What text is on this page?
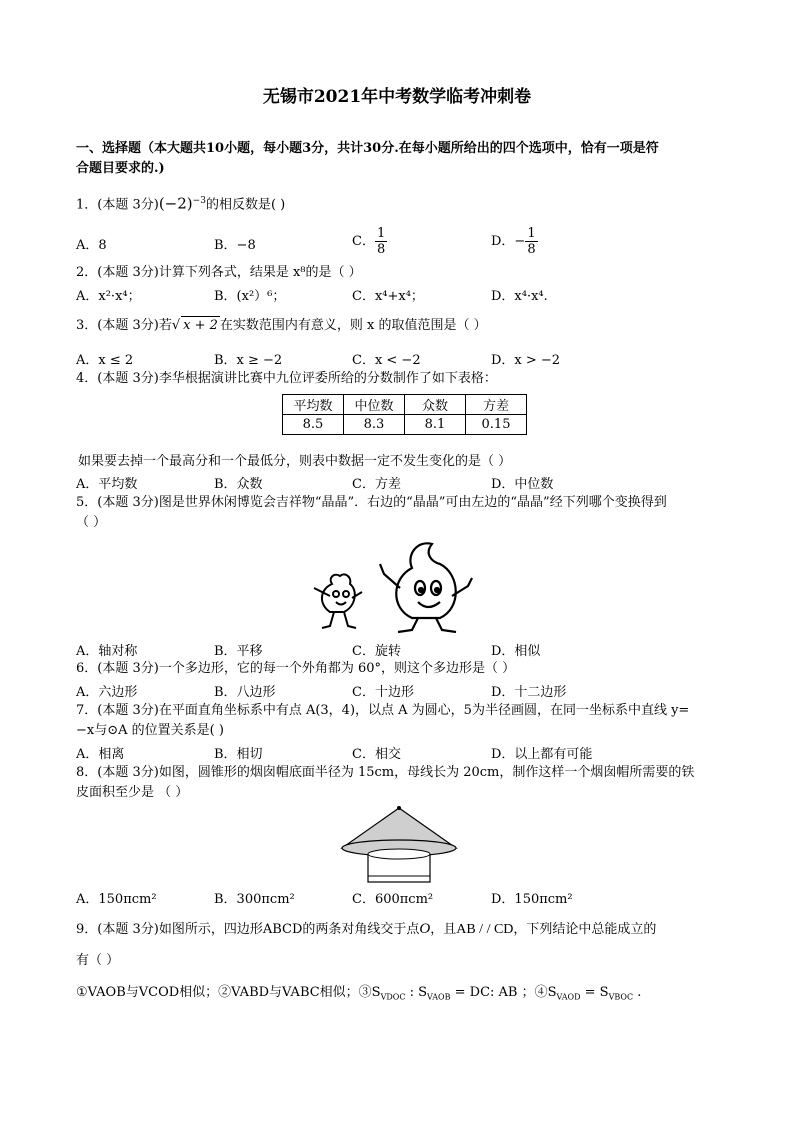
无锡市2021年中考数学临考冲刺卷
一、选择题（本大题共10小题，每小题3分，共计30分.在每小题所给出的四个选项中，恰有一项是符
合题目要求的.)
1．(本题 3分)$(-2)^{-3}$的相反数是( )
A．8	B．−8	C． $\frac{1}{8}$	D．− $\frac{1}{8}$
2．(本题 3分)计算下列各式，结果是 x⁸的是（ ）
A．x²·x⁴；	B．(x²）⁶；	C．x⁴+x⁴；	D．x⁴·x⁴.
3．(本题 3分)若√ x + 2 在实数范围内有意义，则 x 的取值范围是（ ）
A．x ≤ 2	B．x ≥ −2	C．x < −2	D．x > −2
4．(本题 3分)李华根据演讲比赛中九位评委所给的分数制作了如下表格：
平均数	中位数	众数	方差
8.5	8.3	8.1	0.15
如果要去掉一个最高分和一个最低分，则表中数据一定不发生变化的是（ ）
A．平均数	B．众数	C．方差	D．中位数
5．(本题 3分)图是世界休闲博览会吉祥物“晶晶”．右边的“晶晶”可由左边的“晶晶”经下列哪个变换得到
（ ）
A．轴对称	B．平移	C．旋转	D．相似
6．(本题 3分)一个多边形，它的每一个外角都为 60°，则这个多边形是（ ）
A．六边形	B．八边形	C．十边形	D．十二边形
7．(本题 3分)在平面直角坐标系中有点 A(3，4)，以点 A 为圆心，5为半径画圆，在同一坐标系中直线 y=
−x与⊙A 的位置关系是( )
A．相离	B．相切	C．相交	D．以上都有可能
8．(本题 3分)如图，圆锥形的烟囱帽底面半径为 15cm，母线长为 20cm，制作这样一个烟囱帽所需要的铁
皮面积至少是 （ ）
A．150πcm²	B．300πcm²	C．600πcm²	D．150πcm²
9．(本题 3分)如图所示，四边形ABCD的两条对角线交于点O，且AB / / CD，下列结论中总能成立的
有（ ）
①VAOB与VCOD相似；②VABD与VABC相似；$③S_{VDOC}$ : $S_{VAOB}$ = DC: AB ；$④S_{VAOD} = S_{VBOC}$ .
